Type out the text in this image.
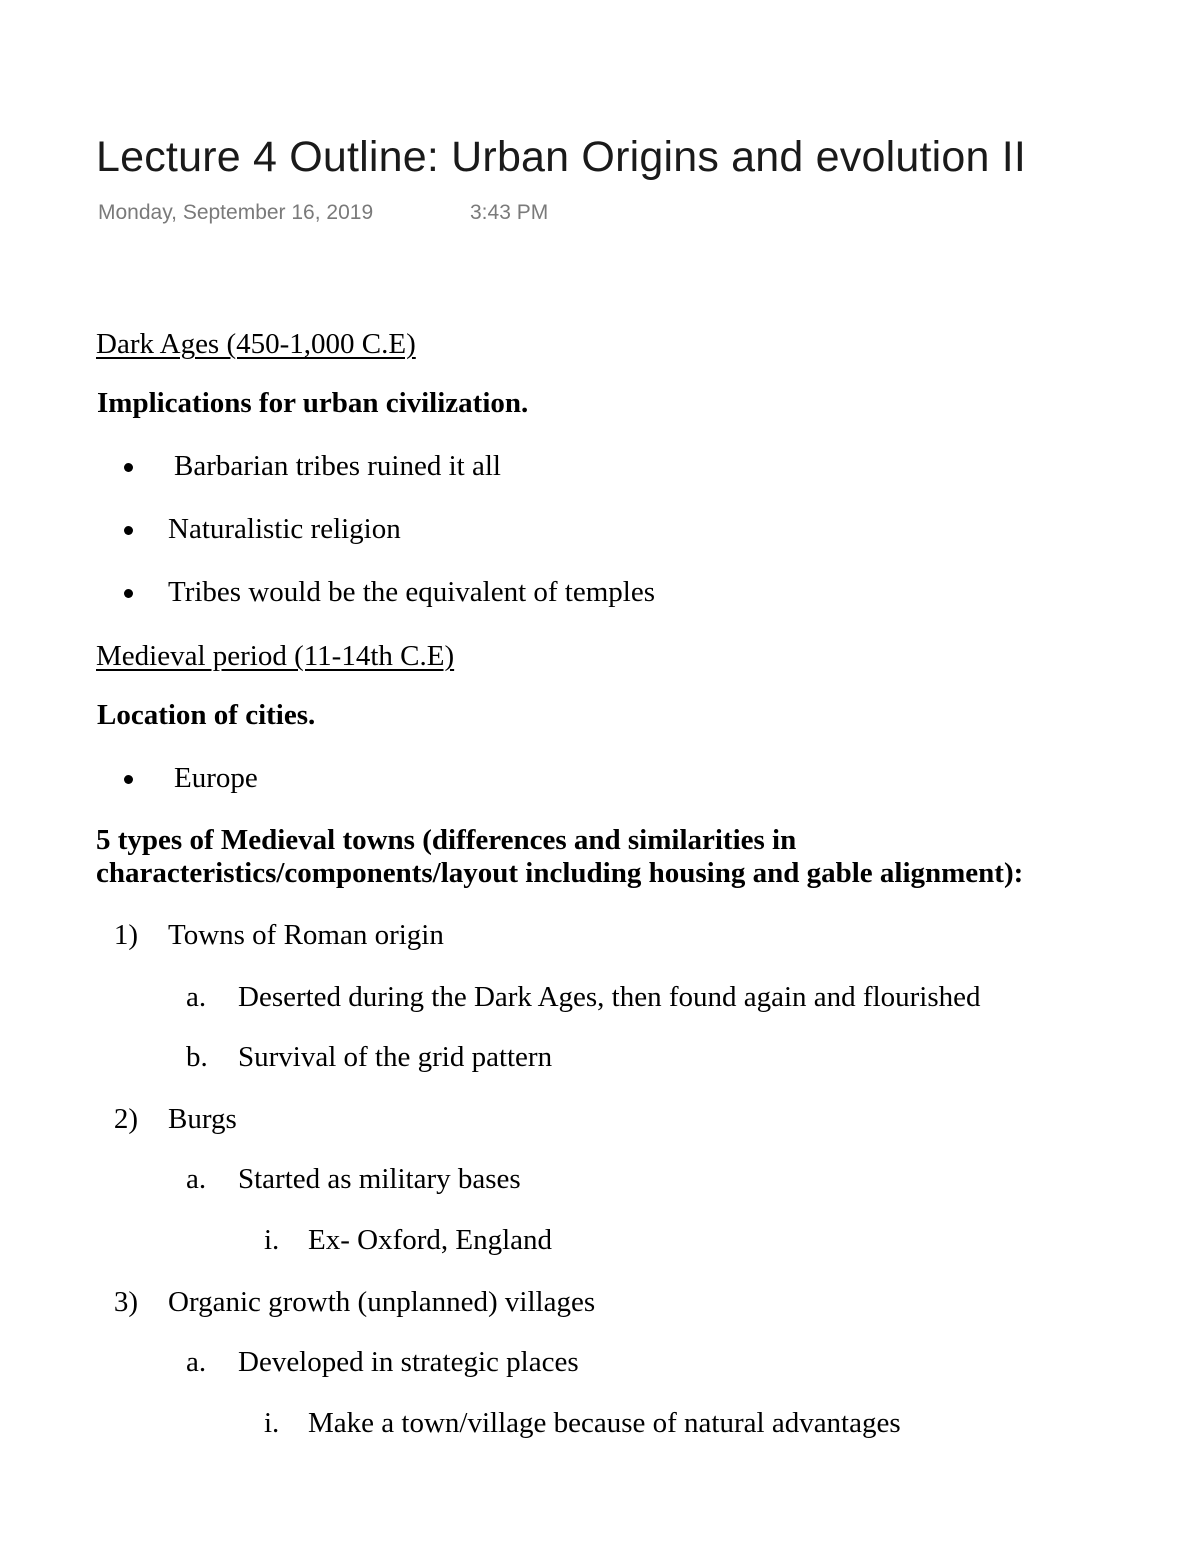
Lecture 4 Outline: Urban Origins and evolution II
Monday, September 16, 2019	3:43 PM
Dark Ages (450-1,000 C.E)
Implications for urban civilization.
Barbarian tribes ruined it all
Naturalistic religion
Tribes would be the equivalent of temples
Medieval period (11-14th C.E)
Location of cities.
Europe
5 types of Medieval towns (differences and similarities in
characteristics/components/layout including housing and gable alignment):
1) Towns of Roman origin
a. Deserted during the Dark Ages, then found again and flourished
b. Survival of the grid pattern
2) Burgs
a. Started as military bases
i. Ex- Oxford, England
3) Organic growth (unplanned) villages
a. Developed in strategic places
i. Make a town/village because of natural advantages
